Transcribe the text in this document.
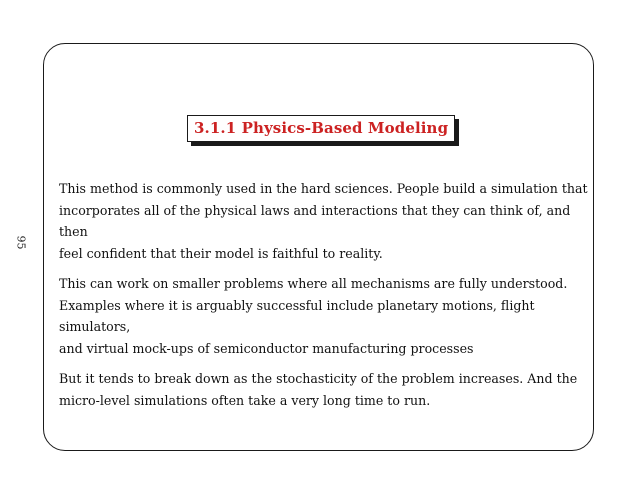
95
3.1.1 Physics-Based Modeling

This method is commonly used in the hard sciences. People build a simulation that
incorporates all of the physical laws and interactions that they can think of, and then
feel confident that their model is faithful to reality.

This can work on smaller problems where all mechanisms are fully understood.
Examples where it is arguably successful include planetary motions, flight simulators,
and virtual mock-ups of semiconductor manufacturing processes

But it tends to break down as the stochasticity of the problem increases. And the
micro-level simulations often take a very long time to run.
